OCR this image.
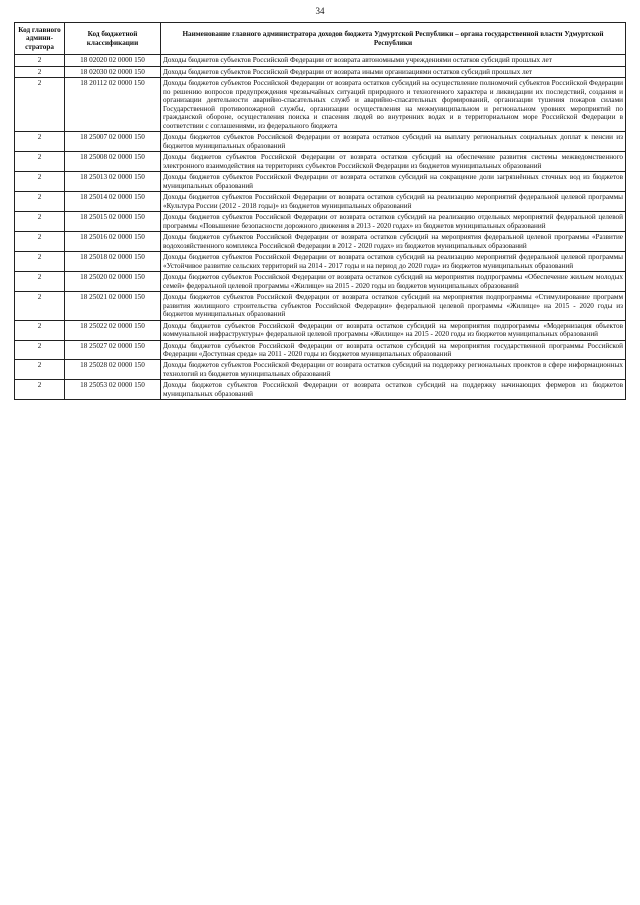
34
Код главного админи-стратора	Код бюджетной классификации	Наименование главного администратора доходов бюджета Удмуртской Республики – органа государственной власти Удмуртской Республики
2	18 02020 02 0000 150	Доходы бюджетов субъектов Российской Федерации от возврата автономными учреждениями остатков субсидий прошлых лет
2	18 02030 02 0000 150	Доходы бюджетов субъектов Российской Федерации от возврата иными организациями остатков субсидий прошлых лет
2	18 20112 02 0000 150	Доходы бюджетов субъектов Российской Федерации от возврата остатков субсидий на осуществление полномочий субъектов Российской Федерации по решению вопросов предупреждения чрезвычайных ситуаций природного и техногенного характера и ликвидации их последствий, создания и организации деятельности аварийно-спасательных служб и аварийно-спасательных формирований, организации тушения пожаров силами Государственной противопожарной службы, организации осуществления на межмуниципальном и региональном уровнях мероприятий по гражданской обороне, осуществления поиска и спасения людей во внутренних водах и в территориальном море Российской Федерации в соответствии с соглашениями, из федерального бюджета
2	18 25007 02 0000 150	Доходы бюджетов субъектов Российской Федерации от возврата остатков субсидий на выплату региональных социальных доплат к пенсии из бюджетов муниципальных образований
2	18 25008 02 0000 150	Доходы бюджетов субъектов Российской Федерации от возврата остатков субсидий на обеспечение развития системы межведомственного электронного взаимодействия на территориях субъектов Российской Федерации из бюджетов муниципальных образований
2	18 25013 02 0000 150	Доходы бюджетов субъектов Российской Федерации от возврата остатков субсидий на сокращение доли загрязнённых сточных вод из бюджетов муниципальных образований
2	18 25014 02 0000 150	Доходы бюджетов субъектов Российской Федерации от возврата остатков субсидий на реализацию мероприятий федеральной целевой программы «Культура России (2012 - 2018 годы)» из бюджетов муниципальных образований
2	18 25015 02 0000 150	Доходы бюджетов субъектов Российской Федерации от возврата остатков субсидий на реализацию отдельных мероприятий федеральной целевой программы «Повышение безопасности дорожного движения в 2013 - 2020 годах» из бюджетов муниципальных образований
2	18 25016 02 0000 150	Доходы бюджетов субъектов Российской Федерации от возврата остатков субсидий на мероприятия федеральной целевой программы «Развитие водохозяйственного комплекса Российской Федерации в 2012 - 2020 годах» из бюджетов муниципальных образований
2	18 25018 02 0000 150	Доходы бюджетов субъектов Российской Федерации от возврата остатков субсидий на реализацию мероприятий федеральной целевой программы «Устойчивое развитие сельских территорий на 2014 - 2017 годы и на период до 2020 года» из бюджетов муниципальных образований
2	18 25020 02 0000 150	Доходы бюджетов субъектов Российской Федерации от возврата остатков субсидий на мероприятия подпрограммы «Обеспечение жильем молодых семей» федеральной целевой программы «Жилище» на 2015 - 2020 годы из бюджетов муниципальных образований
2	18 25021 02 0000 150	Доходы бюджетов субъектов Российской Федерации от возврата остатков субсидий на мероприятия подпрограммы «Стимулирование программ развития жилищного строительства субъектов Российской Федерации» федеральной целевой программы «Жилище» на 2015 - 2020 годы из бюджетов муниципальных образований
2	18 25022 02 0000 150	Доходы бюджетов субъектов Российской Федерации от возврата остатков субсидий на мероприятия подпрограммы «Модернизация объектов коммунальной инфраструктуры» федеральной целевой программы «Жилище» на 2015 - 2020 годы из бюджетов муниципальных образований
2	18 25027 02 0000 150	Доходы бюджетов субъектов Российской Федерации от возврата остатков субсидий на мероприятия государственной программы Российской Федерации «Доступная среда» на 2011 - 2020 годы из бюджетов муниципальных образований
2	18 25028 02 0000 150	Доходы бюджетов субъектов Российской Федерации от возврата остатков субсидий на поддержку региональных проектов в сфере информационных технологий из бюджетов муниципальных образований
2	18 25053 02 0000 150	Доходы бюджетов субъектов Российской Федерации от возврата остатков субсидий на поддержку начинающих фермеров из бюджетов муниципальных образований
